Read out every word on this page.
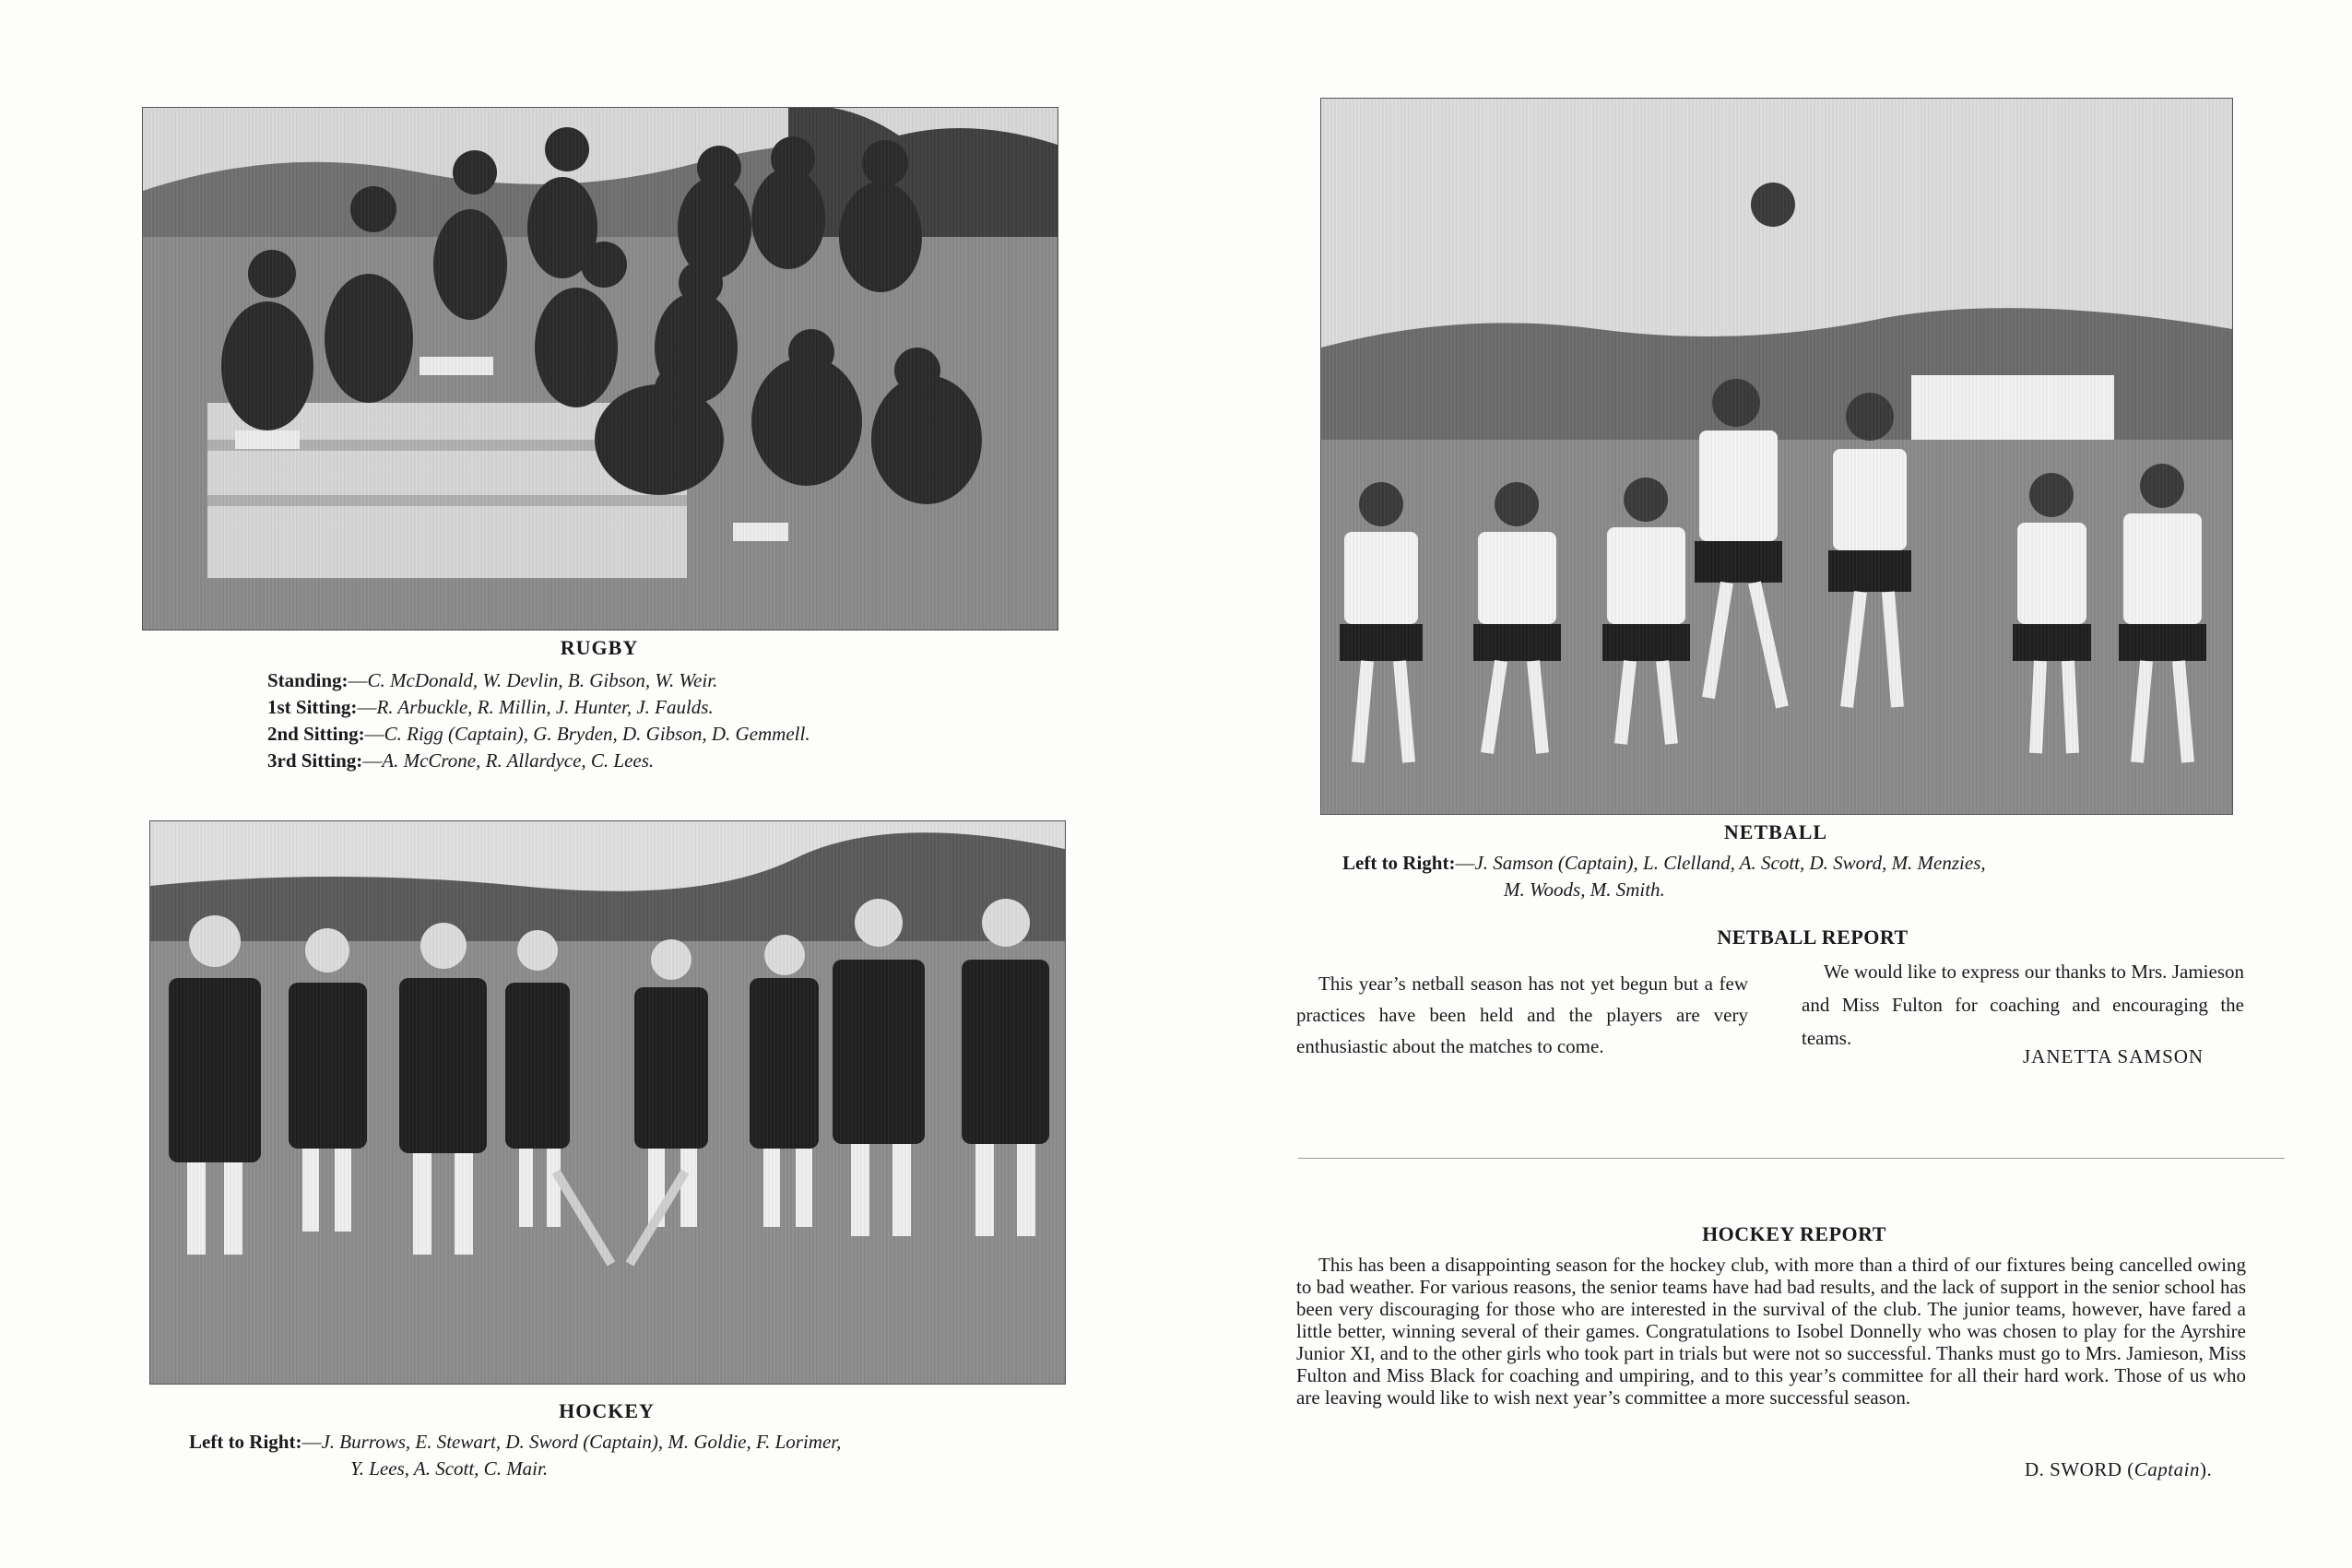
RUGBY
Standing:—C. McDonald, W. Devlin, B. Gibson, W. Weir.
1st Sitting:—R. Arbuckle, R. Millin, J. Hunter, J. Faulds.
2nd Sitting:—C. Rigg (Captain), G. Bryden, D. Gibson, D. Gemmell.
3rd Sitting:—A. McCrone, R. Allardyce, C. Lees.
HOCKEY
Left to Right:—J. Burrows, E. Stewart, D. Sword (Captain), M. Goldie, F. Lorimer,
Y. Lees, A. Scott, C. Mair.
NETBALL
Left to Right:—J. Samson (Captain), L. Clelland, A. Scott, D. Sword, M. Menzies,
M. Woods, M. Smith.
NETBALL REPORT
This year’s netball season has not yet begun but a few practices have been held and the players are very enthusiastic about the matches to come.
We would like to express our thanks to Mrs. Jamieson and Miss Fulton for coaching and encouraging the teams.
JANETTA SAMSON
HOCKEY REPORT
This has been a disappointing season for the hockey club, with more than a third of our fixtures being cancelled owing to bad weather. For various reasons, the senior teams have had bad results, and the lack of support in the senior school has been very discouraging for those who are interested in the survival of the club. The junior teams, however, have fared a little better, winning several of their games. Congratulations to Isobel Donnelly who was chosen to play for the Ayrshire Junior XI, and to the other girls who took part in trials but were not so successful. Thanks must go to Mrs. Jamieson, Miss Fulton and Miss Black for coaching and umpiring, and to this year’s committee for all their hard work. Those of us who are leaving would like to wish next year’s committee a more successful season.
D. SWORD (Captain).
